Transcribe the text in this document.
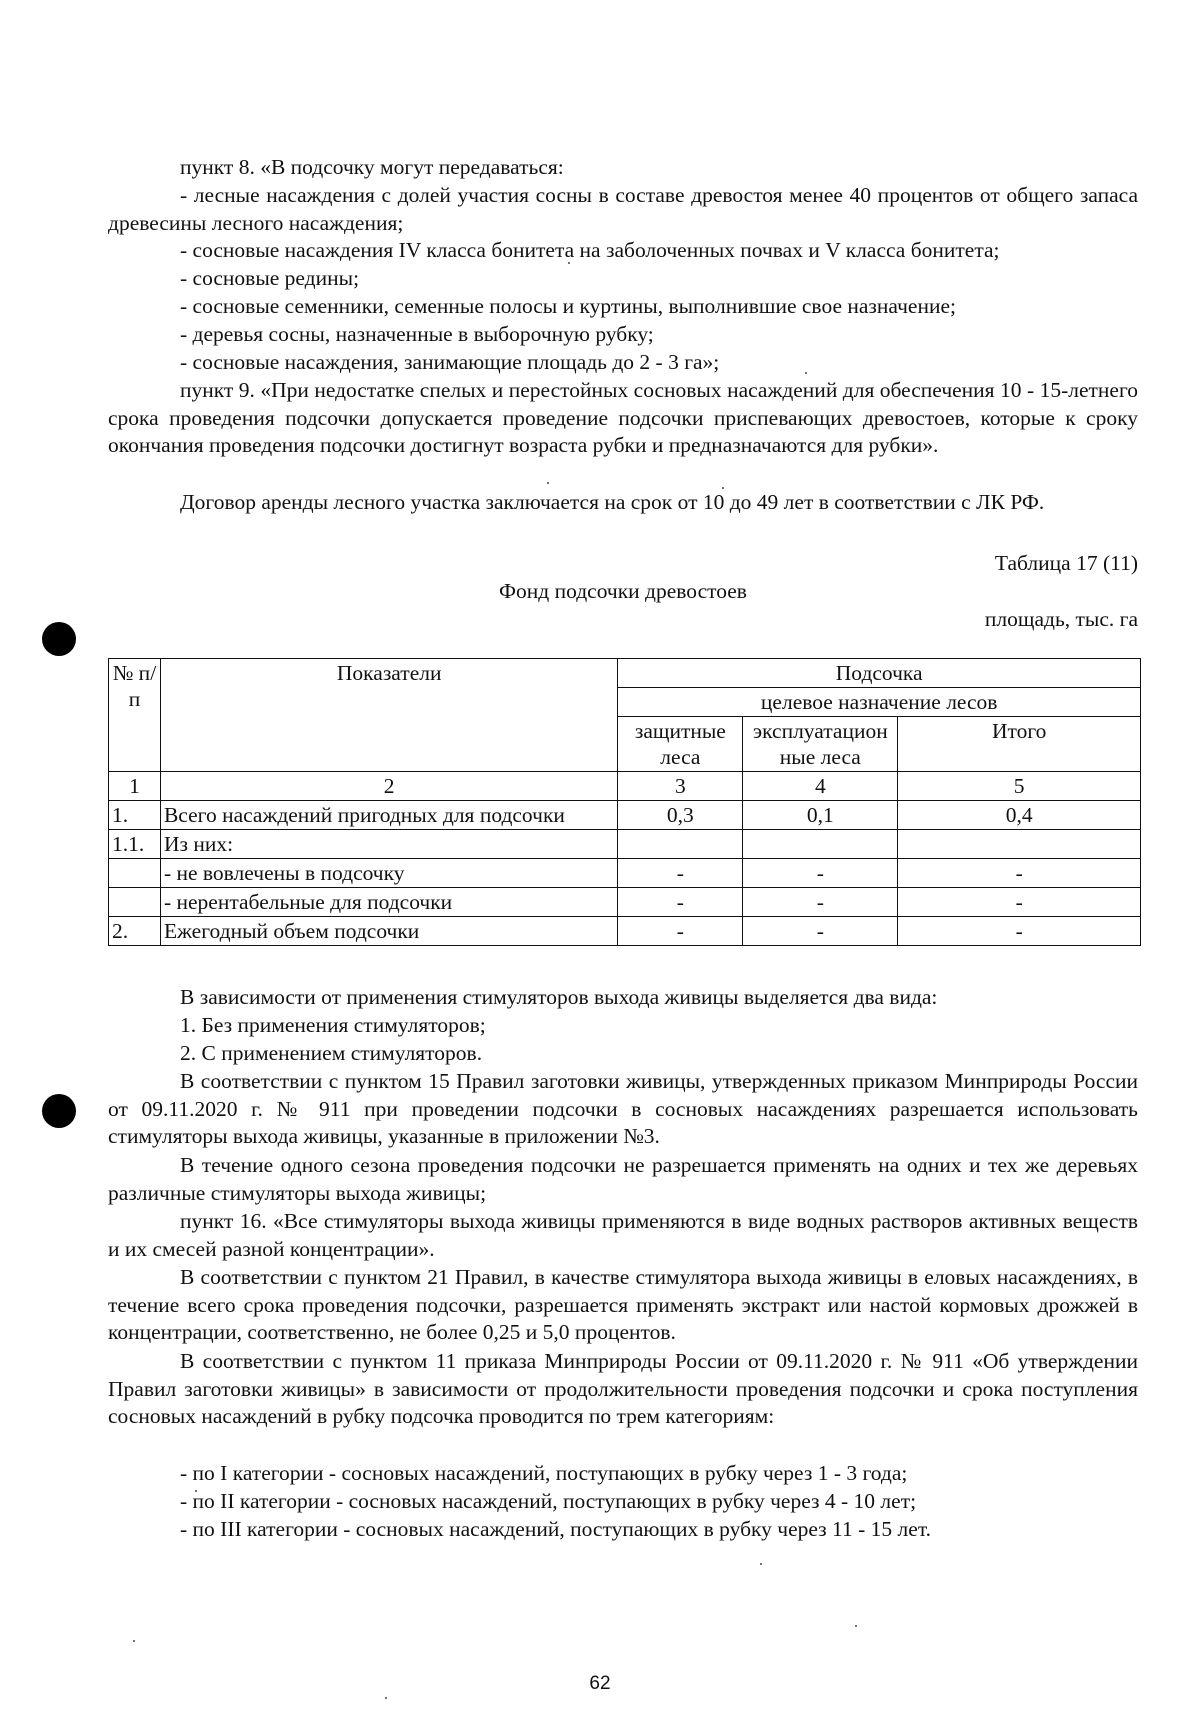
пункт 8. «В подсочку могут передаваться:
- лесные насаждения с долей участия сосны в составе древостоя менее 40 процентов от общего запаса древесины лесного насаждения;
- сосновые насаждения IV класса бонитета на заболоченных почвах и V класса бонитета;
- сосновые редины;
- сосновые семенники, семенные полосы и куртины, выполнившие свое назначение;
- деревья сосны, назначенные в выборочную рубку;
- сосновые насаждения, занимающие площадь до 2 - 3 га»;
пункт 9. «При недостатке спелых и перестойных сосновых насаждений для обеспечения 10 - 15-летнего срока проведения подсочки допускается проведение подсочки приспевающих древостоев, которые к сроку окончания проведения подсочки достигнут возраста рубки и предназначаются для рубки».
Договор аренды лесного участка заключается на срок от 10 до 49 лет в соответствии с ЛК РФ.
Таблица 17 (11)
Фонд подсочки древостоев
площадь, тыс. га
№ п/п	Показатели	Подсочка		
		целевое назначение лесов		
		защитные леса	эксплуатацион ные леса	Итого
1	2	3	4	5
1.	Всего насаждений пригодных для подсочки	0,3	0,1	0,4
1.1.	Из них:			
	- не вовлечены в подсочку	-	-	-
	- нерентабельные для подсочки	-	-	-
2.	Ежегодный объем подсочки	-	-	-
В зависимости от применения стимуляторов выхода живицы выделяется два вида:
1. Без применения стимуляторов;
2. С применением стимуляторов.
В соответствии с пунктом 15 Правил заготовки живицы, утвержденных приказом Минприроды России от 09.11.2020 г. № 911 при проведении подсочки в сосновых насаждениях разрешается использовать стимуляторы выхода живицы, указанные в приложении №3.
В течение одного сезона проведения подсочки не разрешается применять на одних и тех же деревьях различные стимуляторы выхода живицы;
пункт 16. «Все стимуляторы выхода живицы применяются в виде водных растворов активных веществ и их смесей разной концентрации».
В соответствии с пунктом 21 Правил, в качестве стимулятора выхода живицы в еловых насаждениях, в течение всего срока проведения подсочки, разрешается применять экстракт или настой кормовых дрожжей в концентрации, соответственно, не более 0,25 и 5,0 процентов.
В соответствии с пунктом 11 приказа Минприроды России от 09.11.2020 г. № 911 «Об утверждении Правил заготовки живицы» в зависимости от продолжительности проведения подсочки и срока поступления сосновых насаждений в рубку подсочка проводится по трем категориям:
- по I категории - сосновых насаждений, поступающих в рубку через 1 - 3 года;
- по II категории - сосновых насаждений, поступающих в рубку через 4 - 10 лет;
- по III категории - сосновых насаждений, поступающих в рубку через 11 - 15 лет.
62
